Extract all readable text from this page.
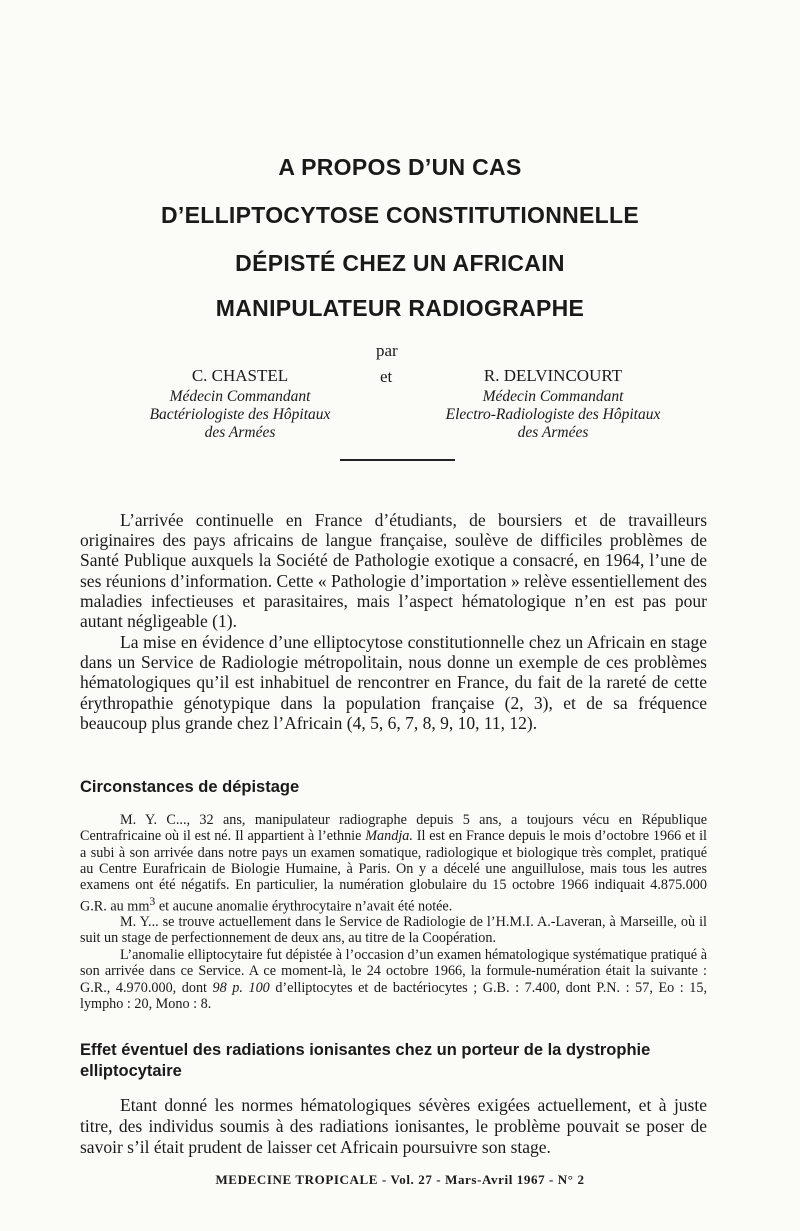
A PROPOS D’UN CAS
D’ELLIPTOCYTOSE CONSTITUTIONNELLE
DÉPISTÉ CHEZ UN AFRICAIN
MANIPULATEUR RADIOGRAPHE
par
et
C. CHASTEL
Médecin Commandant
Bactériologiste des Hôpitaux
des Armées
R. DELVINCOURT
Médecin Commandant
Electro-Radiologiste des Hôpitaux
des Armées

L’arrivée continuelle en France d’étudiants, de boursiers et de travailleurs originaires des pays africains de langue française, soulève de difficiles problèmes de Santé Publique auxquels la Société de Pathologie exotique a consacré, en 1964, l’une de ses réunions d’information. Cette « Pathologie d’importation » relève essentiellement des maladies infectieuses et parasitaires, mais l’aspect hématologique n’en est pas pour autant négligeable (1).

La mise en évidence d’une elliptocytose constitutionnelle chez un Africain en stage dans un Service de Radiologie métropolitain, nous donne un exemple de ces problèmes hématologiques qu’il est inhabituel de rencontrer en France, du fait de la rareté de cette érythropathie génotypique dans la population française (2, 3), et de sa fréquence beaucoup plus grande chez l’Africain (4, 5, 6, 7, 8, 9, 10, 11, 12).

Circonstances de dépistage

M. Y. C..., 32 ans, manipulateur radiographe depuis 5 ans, a toujours vécu en République Centrafricaine où il est né. Il appartient à l’ethnie Mandja. Il est en France depuis le mois d’octobre 1966 et il a subi à son arrivée dans notre pays un examen somatique, radiologique et biologique très complet, pratiqué au Centre Eurafricain de Biologie Humaine, à Paris. On y a décelé une anguillulose, mais tous les autres examens ont été négatifs. En particulier, la numération globulaire du 15 octobre 1966 indiquait 4.875.000 G.R. au $mm^3$ et aucune anomalie érythrocytaire n’avait été notée.

M. Y... se trouve actuellement dans le Service de Radiologie de l’H.M.I. A.-Laveran, à Marseille, où il suit un stage de perfectionnement de deux ans, au titre de la Coopération.

L’anomalie elliptocytaire fut dépistée à l’occasion d’un examen hématologique systématique pratiqué à son arrivée dans ce Service. A ce moment-là, le 24 octobre 1966, la formule-numération était la suivante : G.R., 4.970.000, dont 98 p. 100 d’elliptocytes et de bactériocytes ; G.B. : 7.400, dont P.N. : 57, Eo : 15, lympho : 20, Mono : 8.

Effet éventuel des radiations ionisantes chez un porteur de la dystrophie elliptocytaire

Etant donné les normes hématologiques sévères exigées actuellement, et à juste titre, des individus soumis à des radiations ionisantes, le problème pouvait se poser de savoir s’il était prudent de laisser cet Africain poursuivre son stage.

MEDECINE TROPICALE - Vol. 27 - Mars-Avril 1967 - N° 2
